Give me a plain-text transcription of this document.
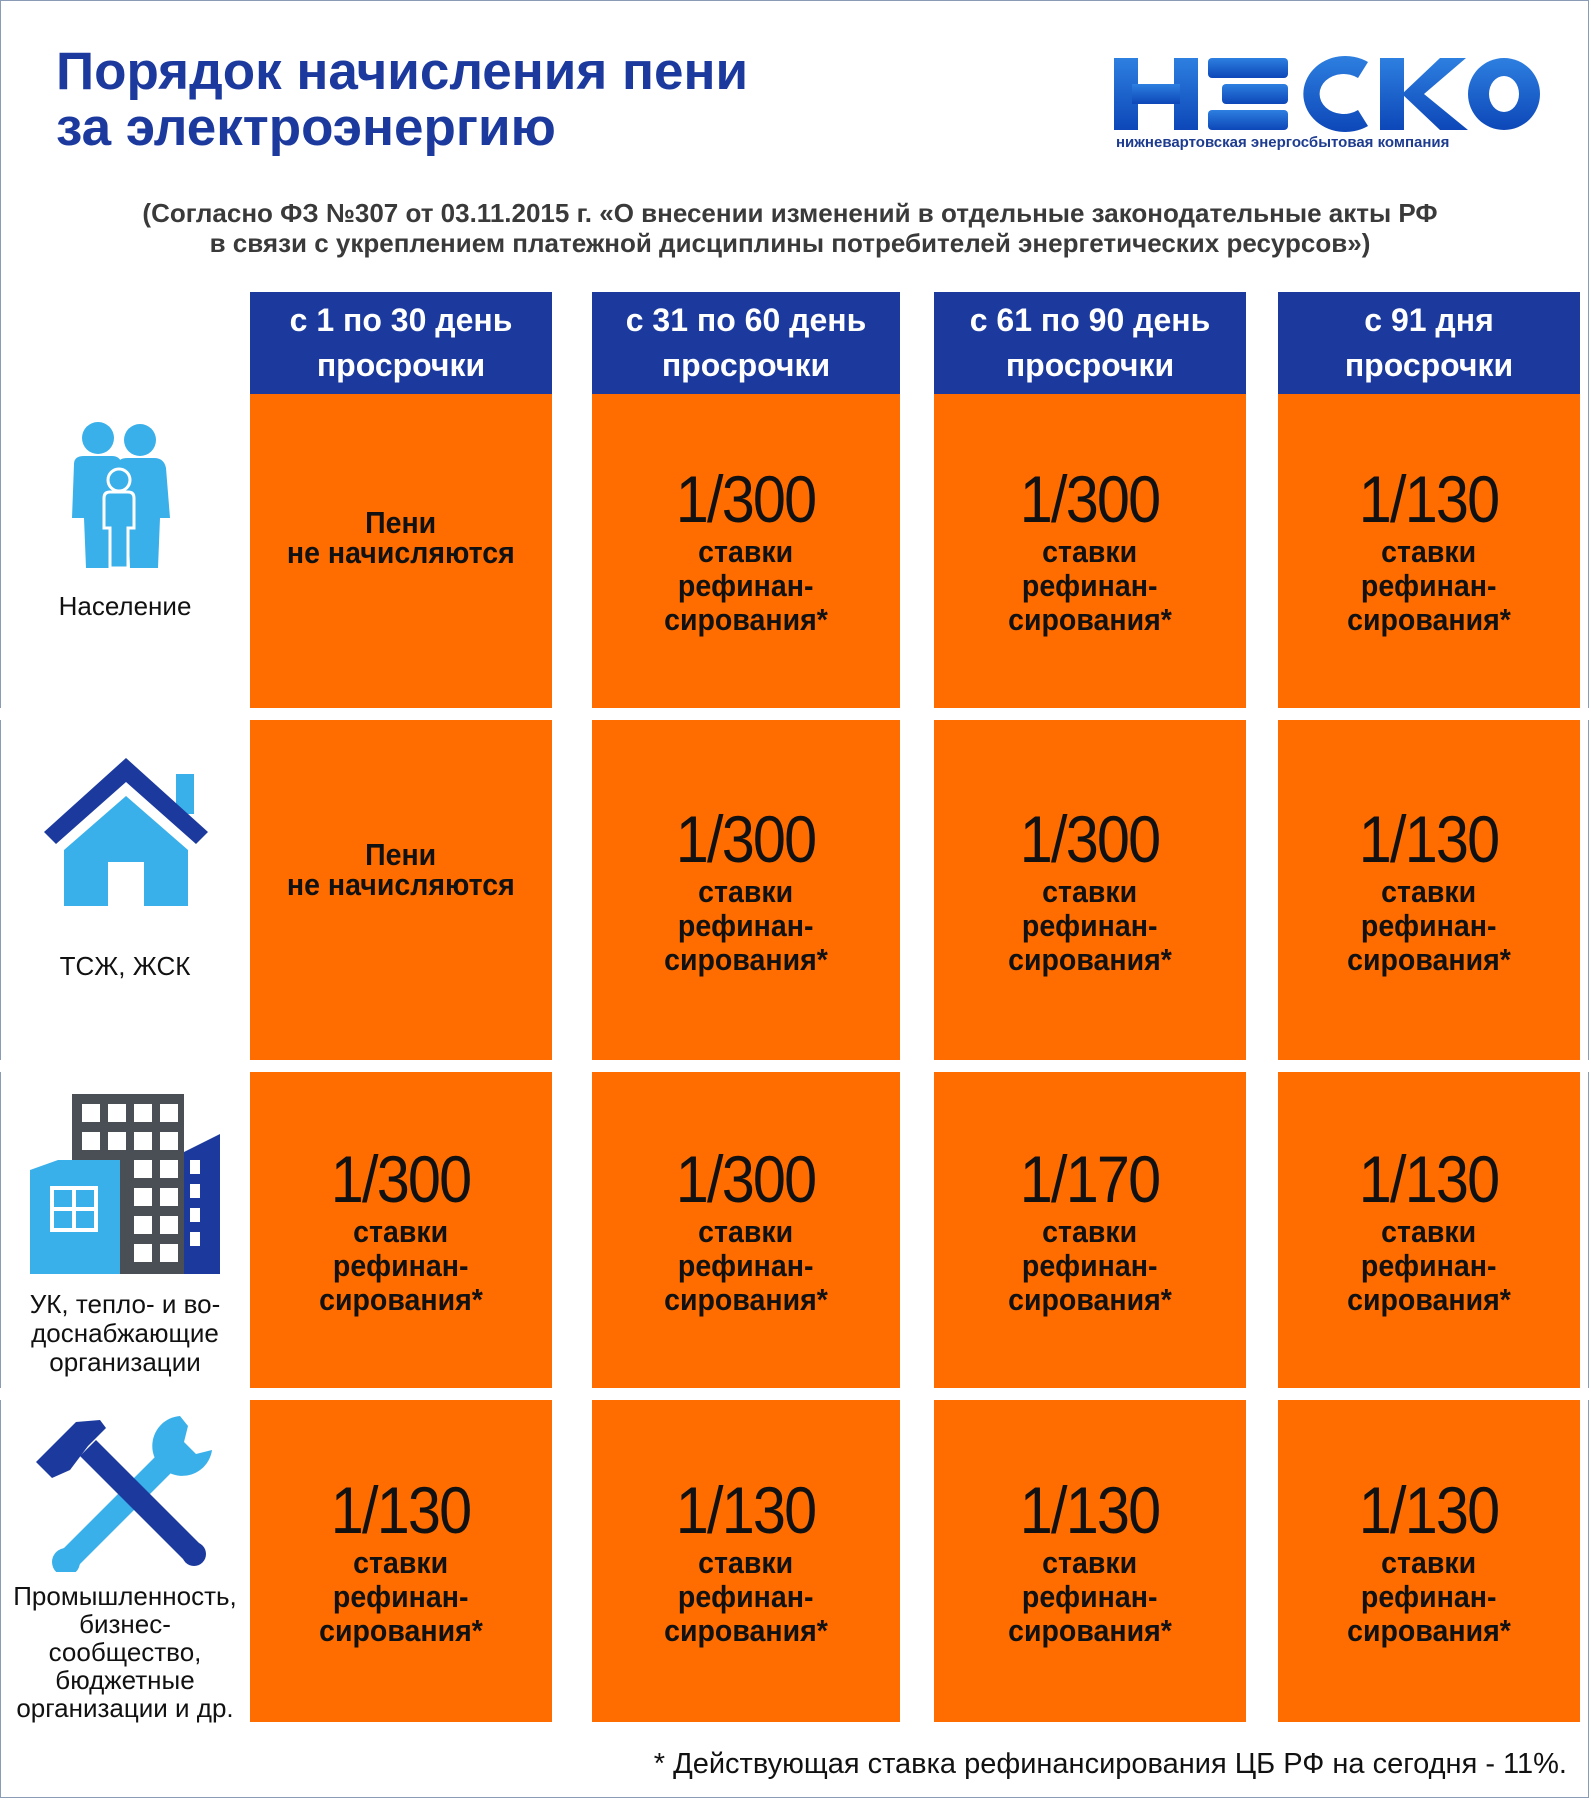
Порядок начисления пени
за электроэнергию	нижневартовская энергосбытовая компания
(Согласно ФЗ №307 от 03.11.2015 г. «О внесении изменений в отдельные законодательные акты РФ
в связи с укреплением платежной дисциплины потребителей энергетических ресурсов»)
с 1 по 30 день
просрочки
с 31 по 60 день
просрочки
с 61 по 90 день
просрочки
с 91 дня
просрочки
Население
ТСЖ, ЖСК
УК, тепло- и во-
доснабжающие
организации
Промышленность,
бизнес-
сообщество,
бюджетные
организации и др.
Пени
не начисляются
1/300
ставки
рефинан-
сирования*
1/300
ставки
рефинан-
сирования*
1/130
ставки
рефинан-
сирования*
Пени
не начисляются
1/300
ставки
рефинан-
сирования*
1/300
ставки
рефинан-
сирования*
1/130
ставки
рефинан-
сирования*
1/300
ставки
рефинан-
сирования*
1/300
ставки
рефинан-
сирования*
1/170
ставки
рефинан-
сирования*
1/130
ставки
рефинан-
сирования*
1/130
ставки
рефинан-
сирования*
1/130
ставки
рефинан-
сирования*
1/130
ставки
рефинан-
сирования*
1/130
ставки
рефинан-
сирования*
* Действующая ставка рефинансирования ЦБ РФ на сегодня - 11%.
